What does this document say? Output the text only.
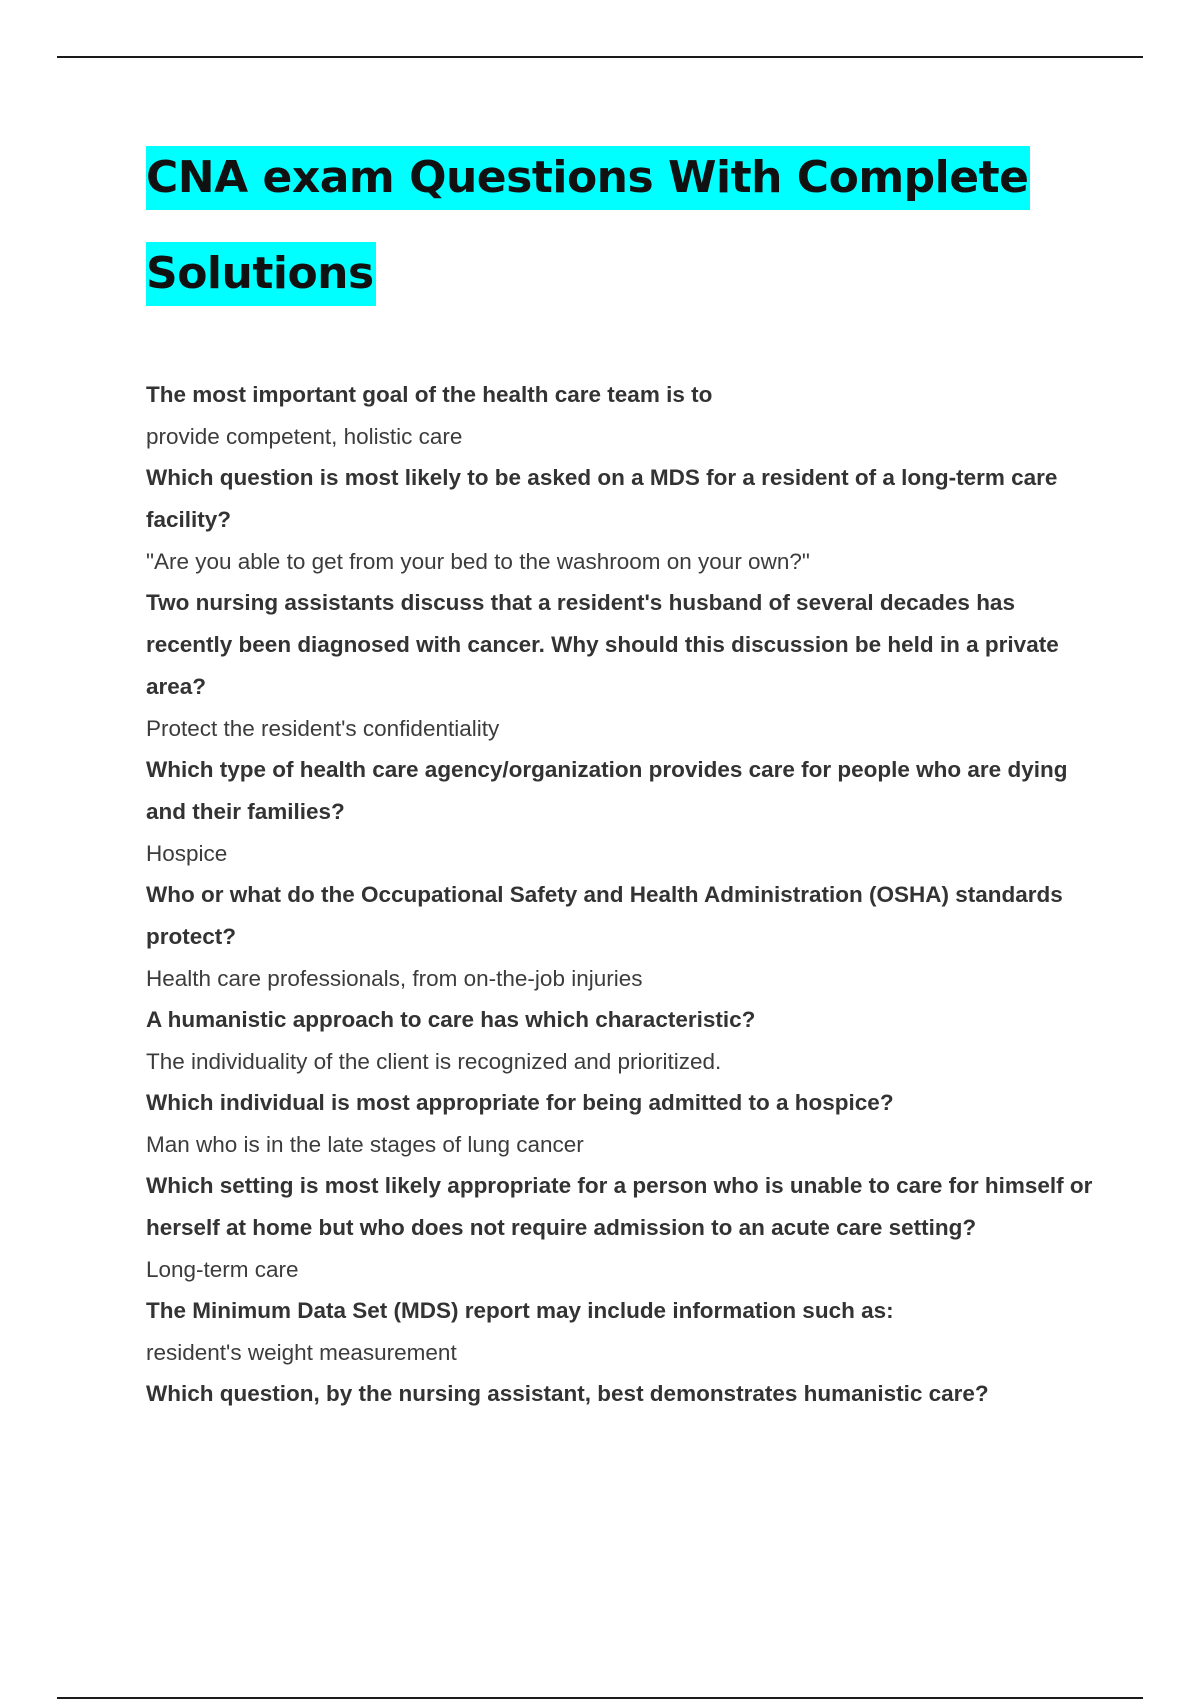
CNA exam Questions With Complete
Solutions

The most important goal of the health care team is to

provide competent, holistic care

Which question is most likely to be asked on a MDS for a resident of a long-term care facility?

"Are you able to get from your bed to the washroom on your own?"

Two nursing assistants discuss that a resident's husband of several decades has recently been diagnosed with cancer. Why should this discussion be held in a private area?

Protect the resident's confidentiality

Which type of health care agency/organization provides care for people who are dying and their families?

Hospice

Who or what do the Occupational Safety and Health Administration (OSHA) standards protect?

Health care professionals, from on-the-job injuries

A humanistic approach to care has which characteristic?

The individuality of the client is recognized and prioritized.

Which individual is most appropriate for being admitted to a hospice?

Man who is in the late stages of lung cancer

Which setting is most likely appropriate for a person who is unable to care for himself or herself at home but who does not require admission to an acute care setting?

Long-term care

The Minimum Data Set (MDS) report may include information such as:

resident's weight measurement

Which question, by the nursing assistant, best demonstrates humanistic care?
